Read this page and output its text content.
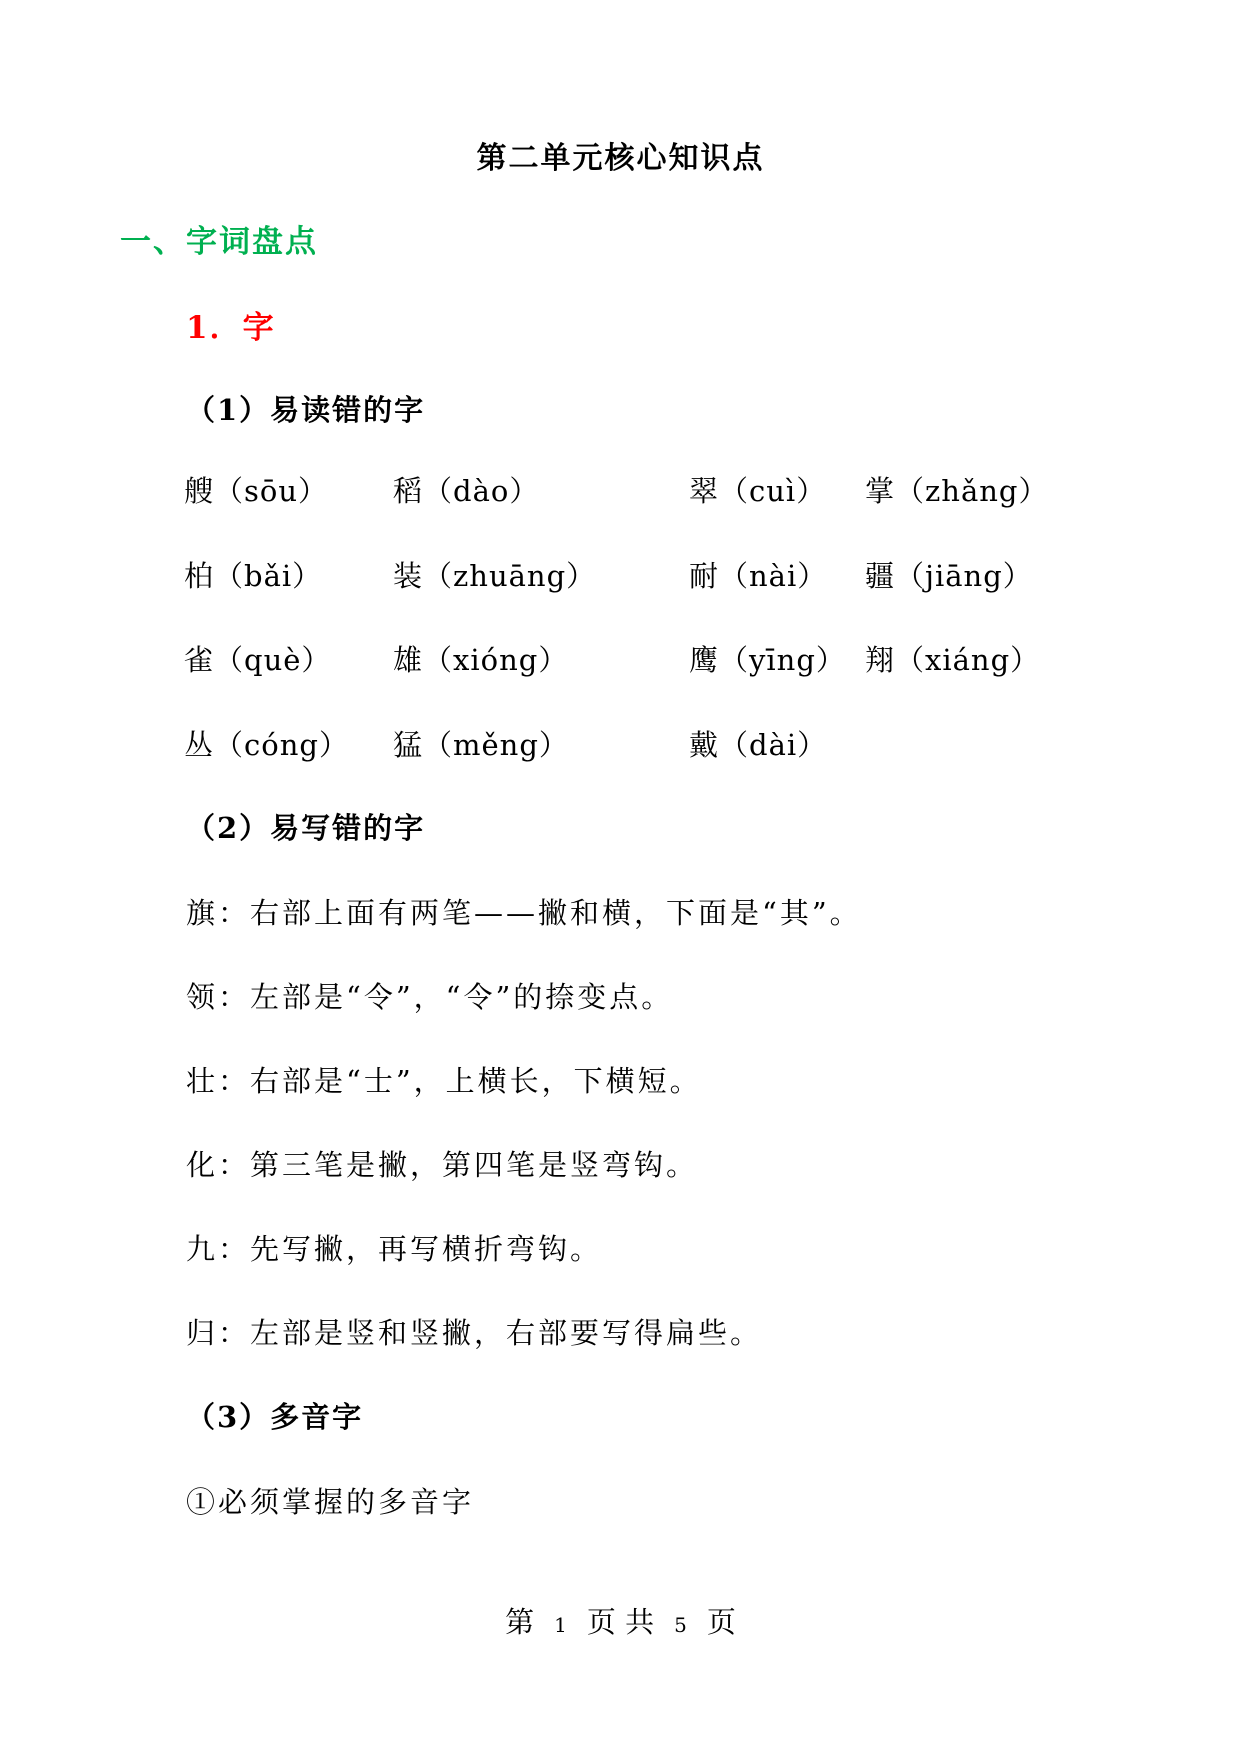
第二单元核心知识点
一、字词盘点
1．字
（1）易读错的字
艘（sōu） 稻（dào）	翠（cuì） 掌（zhǎng）
柏（bǎi） 装（zhuāng）	耐（nài） 疆（jiāng）
雀（què） 雄（xióng）	鹰（yīng） 翔（xiáng）
丛（cóng） 猛（měng）	戴（dài）
（2）易写错的字
旗：右部上面有两笔——撇和横，下面是“其”。
领：左部是“令”，“令”的捺变点。
壮：右部是“士”，上横长，下横短。
化：第三笔是撇，第四笔是竖弯钩。
九：先写撇，再写横折弯钩。
归：左部是竖和竖撇，右部要写得扁些。
（3）多音字
①必须掌握的多音字
第 1 页 共 5 页
